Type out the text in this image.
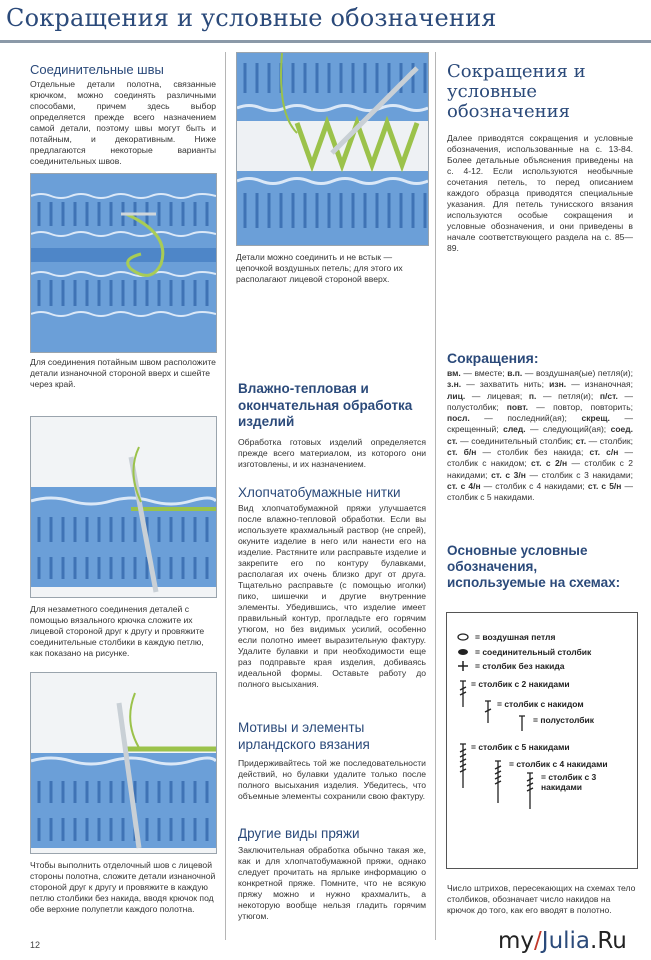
Сокращения и условные обозначения
Соединительные швы
Отдельные детали полотна, связанные крючком, можно соединять различными способами, причем здесь выбор определяется прежде всего назначением самой детали, поэтому швы могут быть и потайным, и декоративным. Ниже предлагаются некоторые варианты соединительных швов.
Для соединения потайным швом расположите детали изнаночной стороной вверх и сшейте через край.
Для незаметного соединения деталей с помощью вязального крючка сложите их лицевой стороной друг к другу и провяжите соединительные столбики в каждую петлю, как показано на рисунке.
Чтобы выполнить отделочный шов с лицевой стороны полотна, сложите детали изнаночной стороной друг к другу и провяжите в каждую петлю столбики без накида, вводя крючок под обе верхние полупетли каждого полотна.
Детали можно соединить и не встык — цепочкой воздушных петель; для этого их располагают лицевой стороной вверх.
Влажно-тепловая и окончательная обработка изделий
Обработка готовых изделий определяется прежде всего материалом, из которого они изготовлены, и их назначением.
Хлопчатобумажные нитки
Вид хлопчатобумажной пряжи улучшается после влажно-тепловой обработки. Если вы используете крахмальный раствор (не спрей), окуните изделие в него или нанести его на изделие. Растяните или расправьте изделие и закрепите его по контуру булавками, располагая их очень близко друг от друга. Тщательно расправьте (с помощью иголки) пико, шишечки и другие внутренние элементы. Убедившись, что изделие имеет правильный контур, прогладьте его горячим утюгом, но без видимых усилий, особенно если полотно имеет выразительную фактуру. Удалите булавки и при необходимости еще раз подправьте края изделия, добиваясь идеальной формы. Оставьте работу до полного высыхания.
Мотивы и элементы ирландского вязания
Придерживайтесь той же последовательности действий, но булавки удалите только после полного высыхания изделия. Убедитесь, что объемные элементы сохранили свою фактуру.
Другие виды пряжи
Заключительная обработка обычно такая же, как и для хлопчатобумажной пряжи, однако следует прочитать на ярлыке информацию о конкретной пряже. Помните, что не всякую пряжу можно и нужно крахмалить, а некоторую вообще нельзя гладить горячим утюгом.
Сокращения и условные обозначения
Далее приводятся сокращения и условные обозначения, использованные на с. 13-84. Более детальные объяснения приведены на с. 4-12. Если используются необычные сочетания петель, то перед описанием каждого образца приводятся специальные указания. Для петель тунисского вязания используются особые сокращения и условные обозначения, и они приведены в начале соответствующего раздела на с. 85—89.
Сокращения:
вм. — вместе; в.п. — воздушная(ые) петля(и); з.н. — захватить нить; изн. — изнаночная; лиц. — лицевая; п. — петля(и); п/ст. — полустолбик; повт. — повтор, повторить; посл. — последний(ая); скрещ. — скрещенный; след. — следующий(ая); соед. ст. — соединительный столбик; ст. — столбик; ст. б/н — столбик без накида; ст. с/н — столбик с накидом; ст. с 2/н — столбик с 2 накидами; ст. с 3/н — столбик с 3 накидами; ст. с 4/н — столбик с 4 накидами; ст. с 5/н — столбик с 5 накидами.
Основные условные обозначения, используемые на схемах:
= воздушная петля
= соединительный столбик
= столбик без накида
= столбик с 2 накидами
= столбик с накидом
= полустолбик
= столбик с 5 накидами
= столбик с 4 накидами
= столбик с 3 накидами
Число штрихов, пересекающих на схемах тело столбиков, обозначает число накидов на крючок до того, как его вводят в полотно.
12	my/Julia.Ru
